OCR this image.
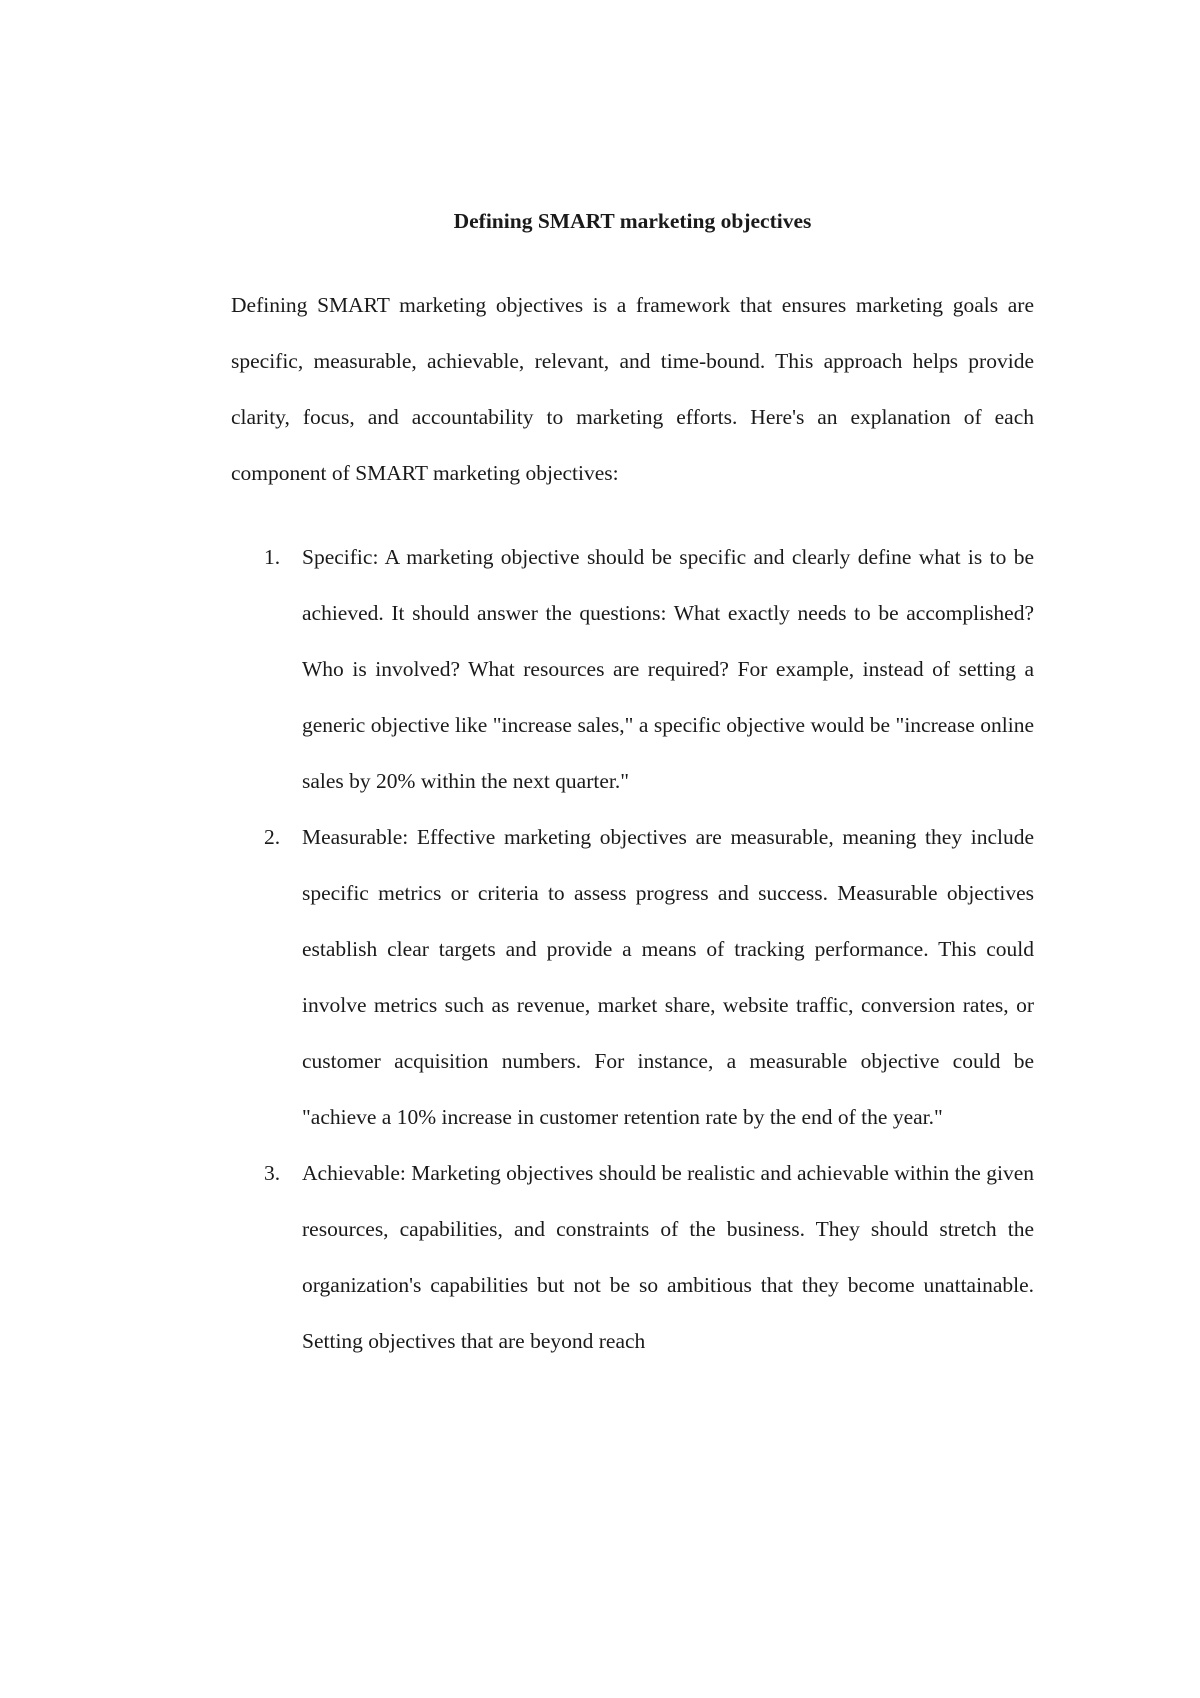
Defining SMART marketing objectives

Defining SMART marketing objectives is a framework that ensures marketing goals are specific, measurable, achievable, relevant, and time-bound. This approach helps provide clarity, focus, and accountability to marketing efforts. Here's an explanation of each component of SMART marketing objectives:

1. Specific: A marketing objective should be specific and clearly define what is to be achieved. It should answer the questions: What exactly needs to be accomplished? Who is involved? What resources are required? For example, instead of setting a generic objective like "increase sales," a specific objective would be "increase online sales by 20% within the next quarter."
2. Measurable: Effective marketing objectives are measurable, meaning they include specific metrics or criteria to assess progress and success. Measurable objectives establish clear targets and provide a means of tracking performance. This could involve metrics such as revenue, market share, website traffic, conversion rates, or customer acquisition numbers. For instance, a measurable objective could be "achieve a 10% increase in customer retention rate by the end of the year."
3. Achievable: Marketing objectives should be realistic and achievable within the given resources, capabilities, and constraints of the business. They should stretch the organization's capabilities but not be so ambitious that they become unattainable. Setting objectives that are beyond reach
